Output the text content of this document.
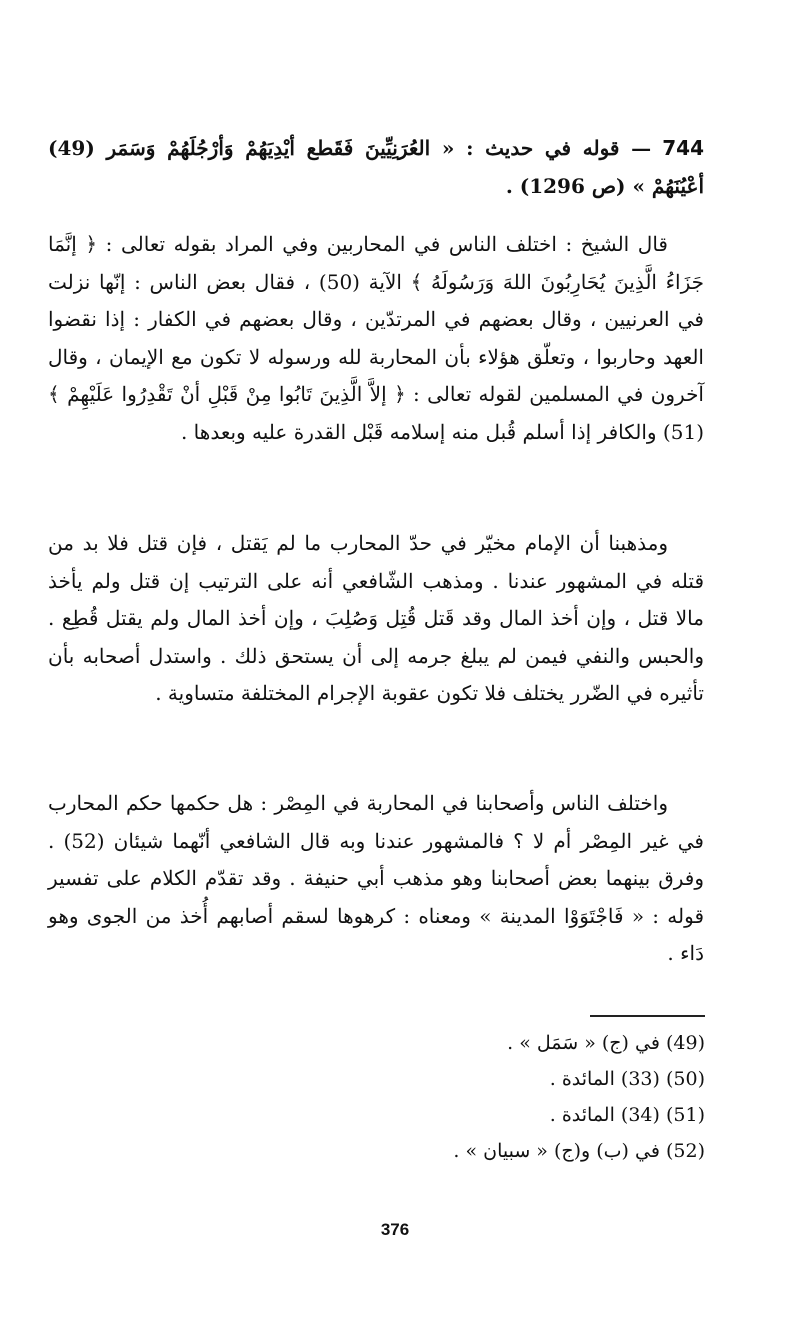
744 — قوله في حديث : « العُرَنِيِّينَ فَقَطع أيْدِيَهُمْ وَأرْجُلَهُمْ وَسَمَر (49) أعْيُنَهُمْ » (ص 1296) .

قال الشيخ : اختلف الناس في المحاربين وفي المراد بقوله تعالى : ﴿ إنَّمَا جَزَاءُ الَّذِينَ يُحَارِبُونَ اللهَ وَرَسُولَهُ ﴾ الآية (50) ، فقال بعض الناس : إنّها نزلت في العرنيين ، وقال بعضهم في المرتدّين ، وقال بعضهم في الكفار : إذا نقضوا العهد وحاربوا ، وتعلّق هؤلاء بأن المحاربة لله ورسوله لا تكون مع الإيمان ، وقال آخرون في المسلمين لقوله تعالى : ﴿ إلاَّ الَّذِينَ تَابُوا مِنْ قَبْلِ أنْ تَقْدِرُوا عَلَيْهِمْ ﴾ (51) والكافر إذا أسلم قُبل منه إسلامه قَبْل القدرة عليه وبعدها .

ومذهبنا أن الإمام مخيّر في حدّ المحارب ما لم يَقتل ، فإن قتل فلا بد من قتله في المشهور عندنا . ومذهب الشّافعي أنه على الترتيب إن قتل ولم يأخذ مالا قتل ، وإن أخذ المال وقد قَتل قُتِل وَصُلِبَ ، وإن أخذ المال ولم يقتل قُطِع . والحبس والنفي فيمن لم يبلغ جرمه إلى أن يستحق ذلك . واستدل أصحابه بأن تأثيره في الضّرر يختلف فلا تكون عقوبة الإجرام المختلفة متساوية .

واختلف الناس وأصحابنا في المحاربة في المِصْر : هل حكمها حكم المحارب في غير المِصْر أم لا ؟ فالمشهور عندنا وبه قال الشافعي أنّهما شيئان (52) . وفرق بينهما بعض أصحابنا وهو مذهب أبي حنيفة . وقد تقدّم الكلام على تفسير قوله : « فَاجْتَوَوْا المدينة » ومعناه : كرهوها لسقم أصابهم أُخذ من الجوى وهو دَاء .

(49) في (ج) « سَمَل » .
(50) (33) المائدة .
(51) (34) المائدة .
(52) في (ب) و(ج) « سبيان » .
376
